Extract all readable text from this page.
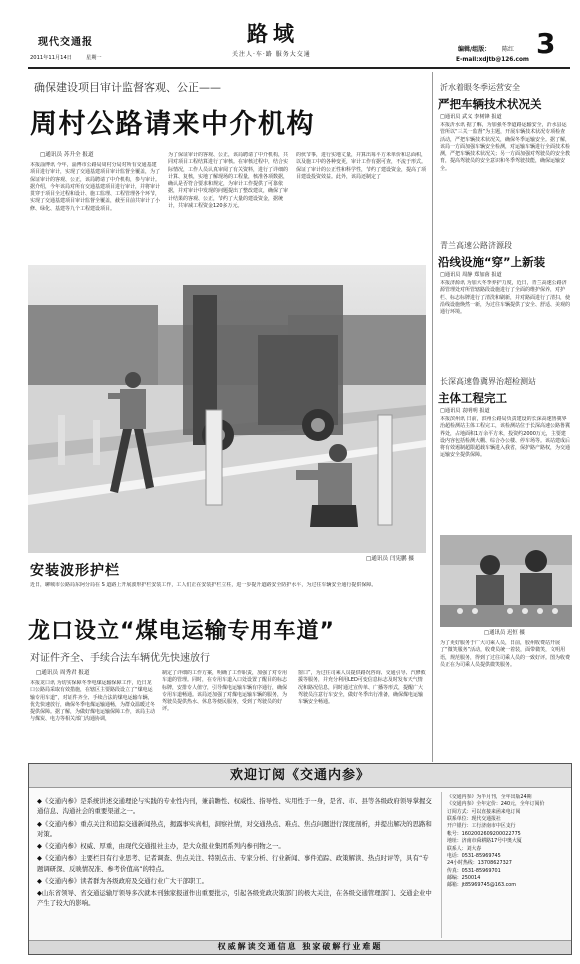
现代交通报
2011年11月14日	星期一
路域
关注人·车·路 服务大交通
编辑/组版： 陈红
E-mail:xdjtb@126.com 3
确保建设项目审计监督客观、公正——
周村公路请来中介机构
□通讯员 苏升全 报道
本报淄博讯 今年，淄博市公路局周村分局对所有交通基建项目进行审计，实现了交通基建项目审计监督全覆盖，为了保证审计的客观、公正，该局聘请了中介机构，参与审计。据介绍，今年该局对所有交通基建项目进行审计，并将审计贯穿于项目全过程和设计、施工监理、工程管理各个环节，实现了交通基建项目审计监督全覆盖，截至目前共审计了小修、绿化、基建等九个工程建设项目。
为了保证审计的客观、公正，该局聘请了中介机构，共同对项目工程结算进行了审核。在审核过程中，结合实际情况，工作人员认真审阅了有关资料，进行了详细的计算、复核，实地了解现场的工程量，核准各项数据，确认是否符合要求和规定，为审计工作提供了可靠依据，并对审计中发现的问题提出了整改建议，确保了审计结果的客观、公正，节约了大量的建设资金，据统计，共审减工程资金120多万元。
的伙节事，进行实地丈量，并算出每平方米单价和总面积，以及施工中的各种变更，审计工作有据可查，不流于形式。保证了审计的公正性和科学性，节约了建设资金，提高了项目建设投资效益。此外，该局还制定了
□通讯员 闫宪鹏 摄
安装波形护栏
近日，聊城市公路局东阿分局在 S 道路上开展波形护栏安装工作，工人们正在安装护栏立柱，进一步提升道路安全防护水平，为过往车辆安全通行提供保障。
龙口设立“煤电运输专用车道”
对证件齐全、手续合法车辆优先快速放行
□通讯员 周秀君 报道
本报龙口讯 为切实保障冬季电煤运输保障工作，近日龙口公路局采取有效措施，在辖区主要路段设立了“煤电运输专用车道”，对证件齐全、手续合法的煤电运输车辆，优先快速放行，确保冬季电煤运输通畅，为群众温暖过冬提供保障。据了解，为做好煤电运输保障工作，该局主动与煤炭、电力等相关部门沟通协调，
制定了详细的工作方案，明确了工作职责，加强了对专用车道的管理。同时，在专用车道入口处设置了醒目的标志标牌，安排专人值守，引导煤电运输车辆有序通行，确保专用车道畅通。该局还加强了对煤电运输车辆的服务，为驾驶员提供热水、休息等便民服务，受到了驾驶员的好评。
窗口”，为过往司乘人员提供路况咨询、交通引导、汽修救援等服务，并充分利用LED可变信息标志及时发布天气情况和路况信息，同时通过宣传单、广播等形式，提醒广大驾驶员注意行车安全，做好冬季出行准备，确保煤电运输车辆安全畅通。
沂水着眼冬季运营安全
严把车辆技术状况关
□通讯员 武义 李树锋 报道
本报沂水讯 据了解，为加强冬季道路运输安全，沂水县运管所以“三关一监督”为主题，开展车辆技术状况专项检查活动，严把车辆技术状况关，确保冬季运输安全。据了解，该局一方面加强车辆安全检测，对运输车辆进行全面技术检测，严把车辆技术状况关；另一方面加强对驾驶员的安全教育，提高驾驶员的安全意识和冬季驾驶技能，确保运输安全。
青兰高速公路济源段
沿线设施“穿”上新装
□通讯员 周静 郑加茵 报道
本报济源讯 为加大冬季养护力度，近日，青兰高速公路济源管理处对所管辖路段设施进行了全面的维护保养，对护栏、标志标牌进行了清洗和刷新，并对路面进行了清扫，使沿线设施焕然一新，为过往车辆提供了安全、舒适、美观的通行环境。
长深高速鲁冀界治超检测站
主体工程完工
□通讯员 袁明明 报道
本报滨州讯 日前，滨州公路局负责建设的长深高速鲁冀界治超检测站主体工程完工，该检测站位于长深高速公路鲁冀界处，占地面积1万余平方米，投资约2000万元，主要建设内容包括检测大棚、综合办公楼、停车场等。该站建成后将有效遏制超限超载车辆进入我省，保护路产路权，为交通运输安全提供保障。
□通讯员 迟恒 摄
为了更好服务于广大司乘人员，日前，胶州收费站开展了“微笑服务”活动，收费员统一着装，面带微笑，文明用语，规范服务，得到了过往司乘人员的一致好评。图为收费员正在为司乘人员提供微笑服务。
欢迎订阅《交通内参》
◆《交通内参》是系统讲述交通理论与实践的专业性内刊，兼前瞻性、权威性、指导性、实用性于一身，是省、市、县等各级政府领导掌握交通信息、沟通社会的重要渠道之一。
◆《交通内参》重点关注和追踪交通新闻热点，揭露事实真相，洞察社情，对交通热点、难点、焦点问题进行深度剖析，并提出解决的思路和对策。
◆《交通内参》权威、厚重，由现代交通报社主办，是大众报业集团系列内参刊物之一。
◆《交通内参》主要栏目有行业思考、记者调查、焦点关注、特别点击、专家分析、行业新闻、事件追踪、政策解读、热点时评等，具有“专题调研深、反映情况准、参考价值高”的特点。
◆《交通内参》读者群为各级政府及交通行业广大干部职工。
◆山东省领导、省交通运输厅领导多次就本刊独家报道作出重要批示，引起各级党政决策部门的极大关注，在各级交通管理部门、交通企业中产生了较大的影响。
《交通内参》为半月刊，全年出版24期
《交通内参》全年定价：240元，全年订阅价
订阅方式：可以直接来函来电订阅
联系单位：现代交通报社
开户银行：工行济南市中区支行
帐号：1602002609200022775
地址：济南市舜耕路17号中奥大厦
联系人：刘大春
电话：0531-85969745
24小时热线：13708627327
传真：0531-85969701
邮编：250014
邮箱：jt85969745@163.com
权威解读交通信息 独家破解行业难题
